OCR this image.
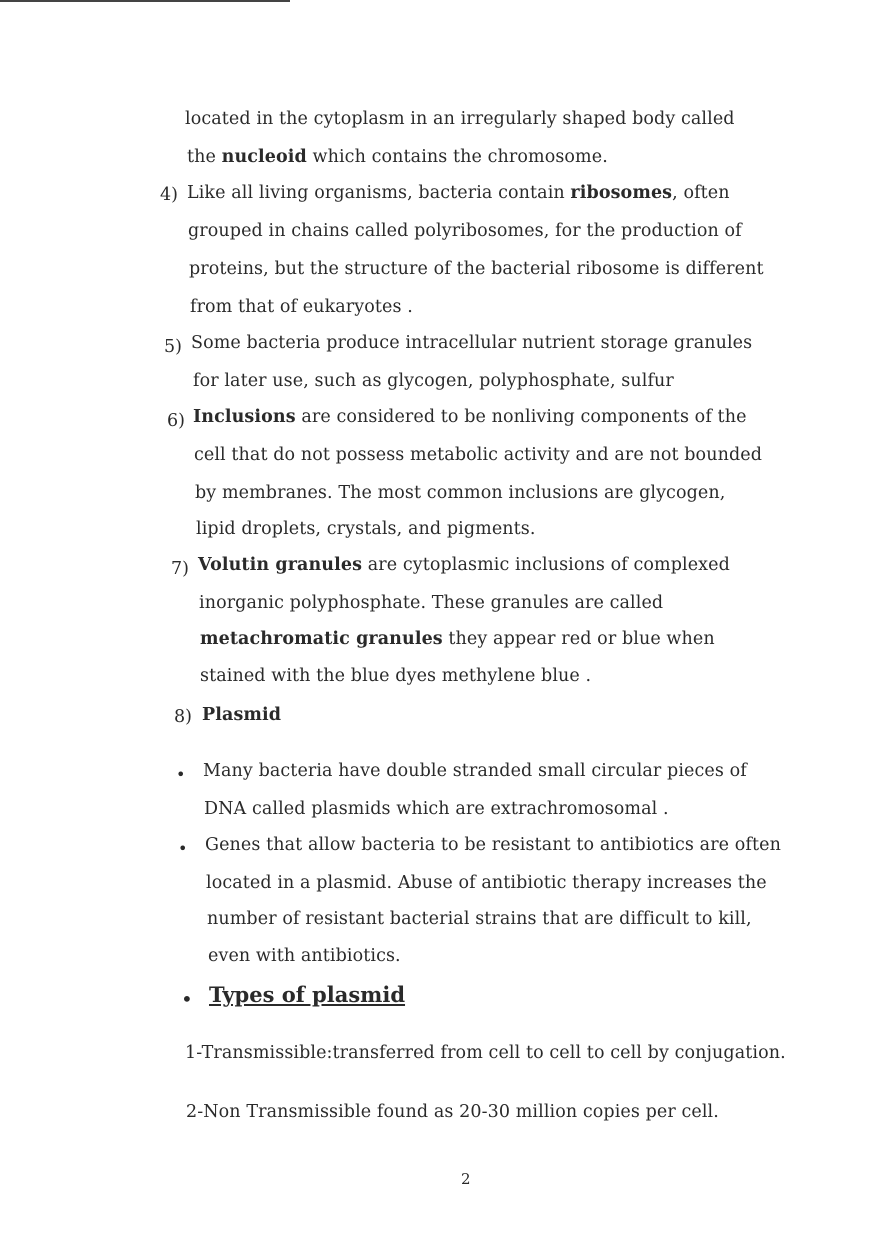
located in the cytoplasm in an irregularly shaped body called
the nucleoid which contains the chromosome.
4) Like all living organisms, bacteria contain ribosomes, often
grouped in chains called polyribosomes, for the production of
proteins, but the structure of the bacterial ribosome is different
from that of eukaryotes .
5) Some bacteria produce intracellular nutrient storage granules
for later use, such as glycogen, polyphosphate, sulfur
6) Inclusions are considered to be nonliving components of the
cell that do not possess metabolic activity and are not bounded
by membranes. The most common inclusions are glycogen,
lipid droplets, crystals, and pigments.
7) Volutin granules are cytoplasmic inclusions of complexed
inorganic polyphosphate. These granules are called
metachromatic granules they appear red or blue when
stained with the blue dyes methylene blue .
8) Plasmid
• Many bacteria have double stranded small circular pieces of
DNA called plasmids which are extrachromosomal .
• Genes that allow bacteria to be resistant to antibiotics are often
located in a plasmid. Abuse of antibiotic therapy increases the
number of resistant bacterial strains that are difficult to kill,
even with antibiotics.
• Types of plasmid
1-Transmissible:transferred from cell to cell to cell by conjugation.
2-Non Transmissible found as 20-30 million copies per cell.
2
